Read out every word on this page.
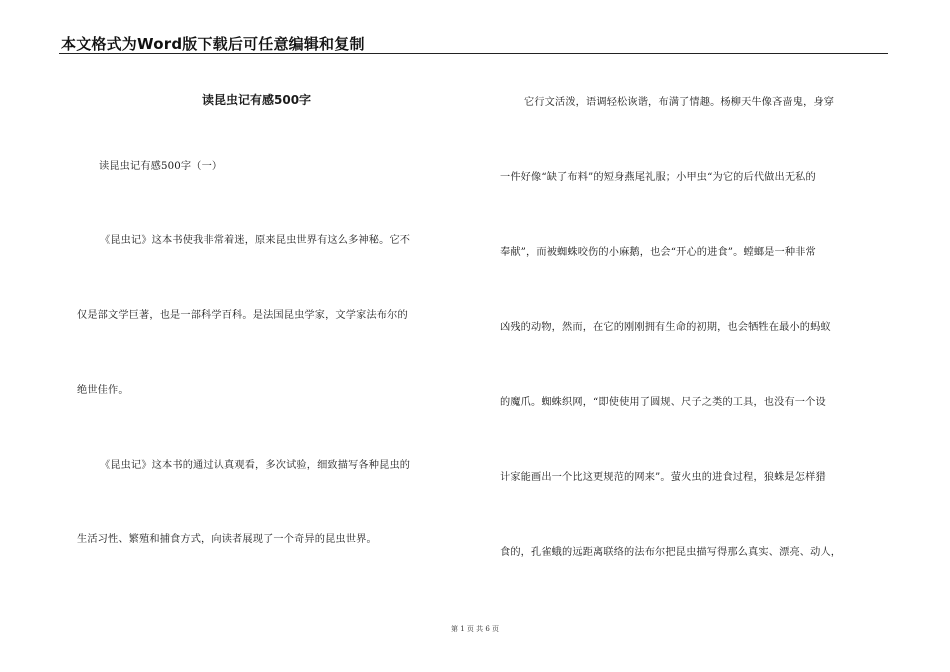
本文格式为Word版下载后可任意编辑和复制
读昆虫记有感500字
读昆虫记有感500字（一）
《昆虫记》这本书使我非常着迷，原来昆虫世界有这么多神秘。它不
仅是部文学巨著，也是一部科学百科。是法国昆虫学家，文学家法布尔的
绝世佳作。
《昆虫记》这本书的通过认真观看，多次试验，细致描写各种昆虫的
生活习性、繁殖和捕食方式，向读者展现了一个奇异的昆虫世界。
它行文活泼，语调轻松诙谐，布满了情趣。杨柳天牛像吝啬鬼，身穿
一件好像“缺了布料”的短身燕尾礼服；小甲虫“为它的后代做出无私的
奉献”，而被蜘蛛咬伤的小麻鹅，也会“开心的进食”。螳螂是一种非常
凶残的动物，然而，在它的刚刚拥有生命的初期，也会牺牲在最小的蚂蚁
的魔爪。蜘蛛织网，“即使使用了圆规、尺子之类的工具，也没有一个设
计家能画出一个比这更规范的网来”。萤火虫的进食过程，狼蛛是怎样猎
食的，孔雀蛾的远距离联络的法布尔把昆虫描写得那么真实、漂亮、动人，
第 1 页 共 6 页
